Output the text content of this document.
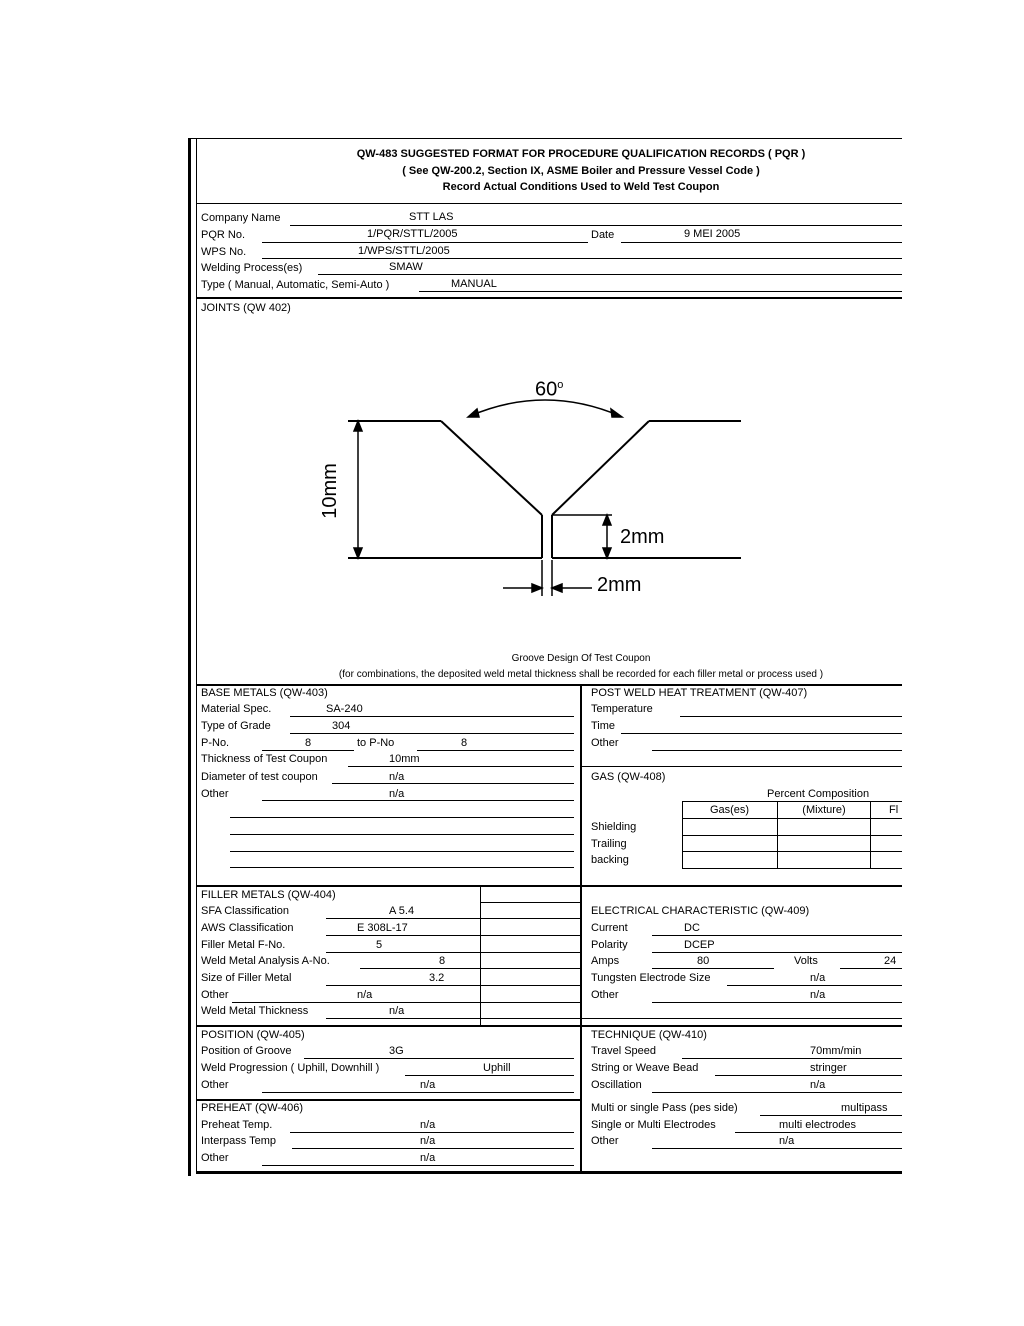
QW-483 SUGGESTED FORMAT FOR PROCEDURE QUALIFICATION RECORDS ( PQR )
( See QW-200.2, Section IX, ASME Boiler and Pressure Vessel Code )
Record Actual Conditions Used to Weld Test Coupon
Company Name	STT LAS
PQR No.	1/PQR/STTL/2005	Date	9 MEI 2005
WPS No.	1/WPS/STTL/2005
Welding Process(es)	SMAW
Type ( Manual, Automatic, Semi-Auto )	MANUAL
JOINTS (QW 402)
60$^o$
10mm
2mm
2mm
Groove Design Of Test Coupon
(for combinations, the deposited weld metal thickness shall be recorded for each filler metal or process used )
BASE METALS (QW-403)
Material Spec.	SA-240
Type of Grade	304
P-No.	8	to P-No	8
Thickness of Test Coupon	10mm
Diameter of test coupon	n/a
Other	n/a
POST WELD HEAT TREATMENT (QW-407)
Temperature
Time
Other
GAS (QW-408)
Percent Composition
Gas(es)	(Mixture)	Fl
Shielding
Trailing
backing
FILLER METALS (QW-404)
SFA Classification	A 5.4
AWS Classification	E 308L-17
Filler Metal F-No.	5
Weld Metal Analysis A-No.	8
Size of Filler Metal	3.2
Other	n/a
Weld Metal Thickness	n/a
ELECTRICAL CHARACTERISTIC (QW-409)
Current	DC
Polarity	DCEP
Amps	80	Volts	24
Tungsten Electrode Size	n/a
Other	n/a
POSITION (QW-405)
Position of Groove	3G
Weld Progression ( Uphill, Downhill )	Uphill
Other	n/a
PREHEAT (QW-406)
Preheat Temp.	n/a
Interpass Temp	n/a
Other	n/a
TECHNIQUE (QW-410)
Travel Speed	70mm/min
String or Weave Bead	stringer
Oscillation	n/a
Multi or single Pass (pes side)	multipass
Single or Multi Electrodes	multi electrodes
Other	n/a
